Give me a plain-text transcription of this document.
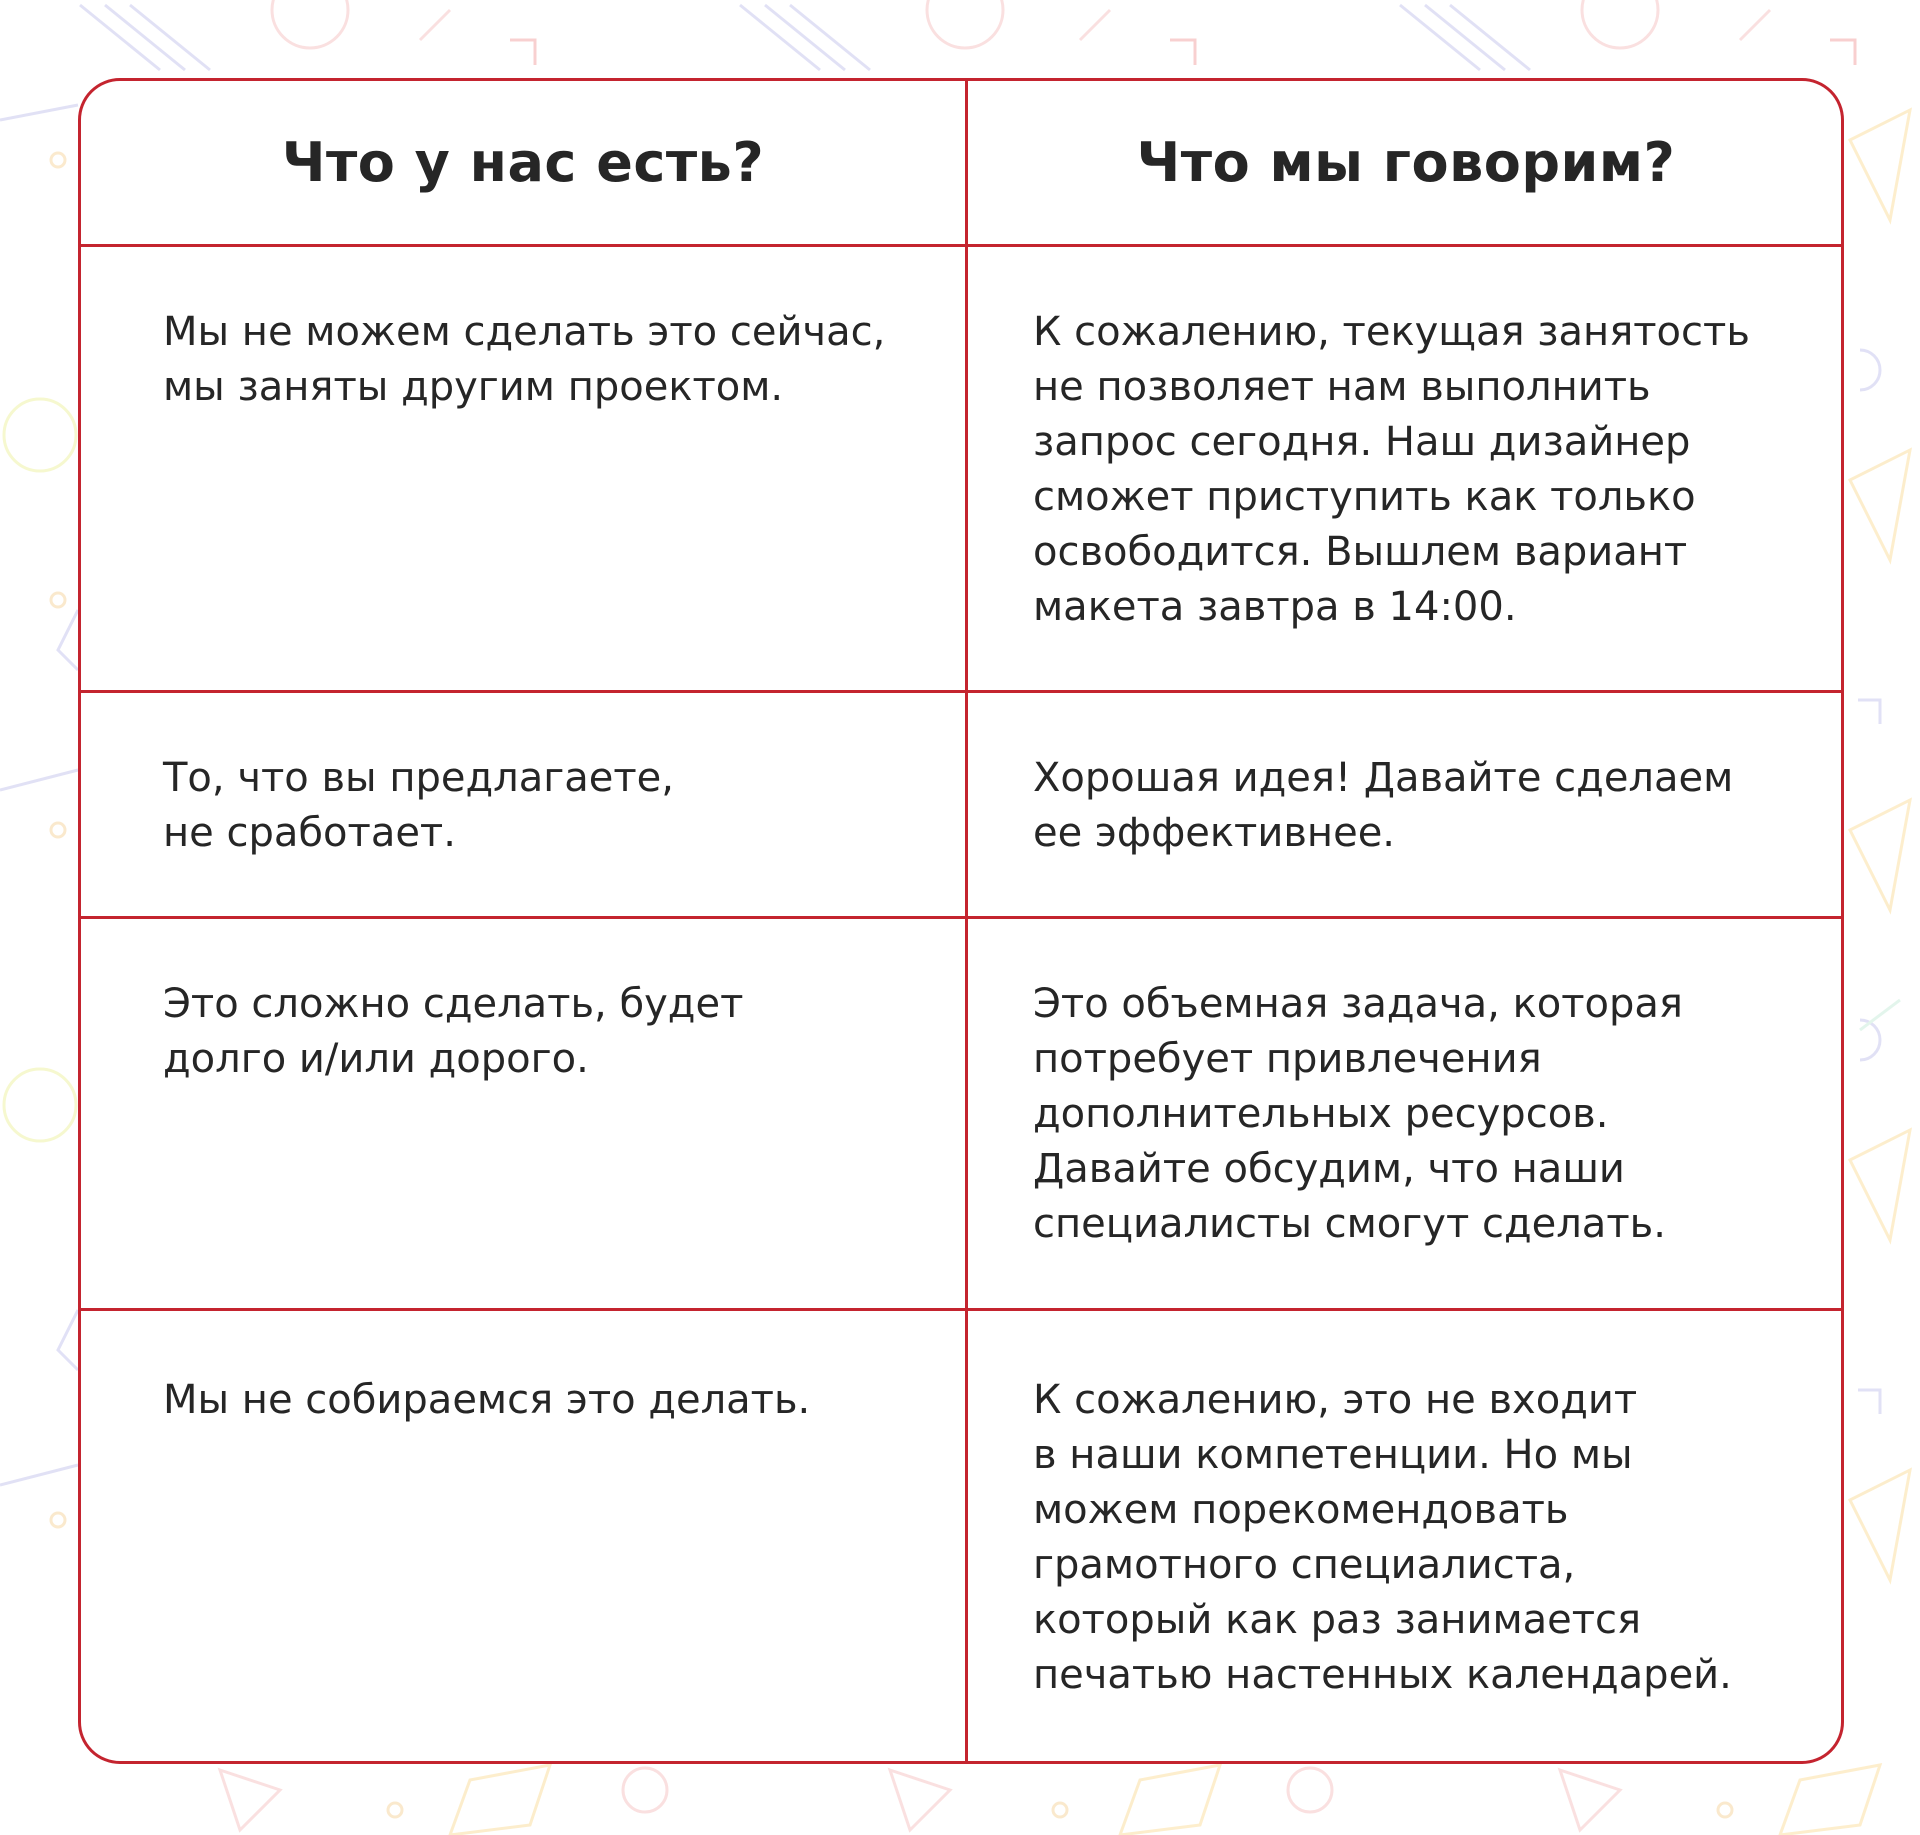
Что у нас есть?	Что мы говорим?
Мы не можем сделать это сейчас,
мы заняты другим проектом.
К сожалению, текущая занятость
не позволяет нам выполнить
запрос сегодня. Наш дизайнер
сможет приступить как только
освободится. Вышлем вариант
макета завтра в 14:00.
То, что вы предлагаете,
не сработает.
Хорошая идея! Давайте сделаем
ее эффективнее.
Это сложно сделать, будет
долго и/или дорого.
Это объемная задача, которая
потребует привлечения
дополнительных ресурсов.
Давайте обсудим, что наши
специалисты смогут сделать.
Мы не собираемся это делать.	К сожалению, это не входит
в наши компетенции. Но мы
можем порекомендовать
грамотного специалиста,
который как раз занимается
печатью настенных календарей.
